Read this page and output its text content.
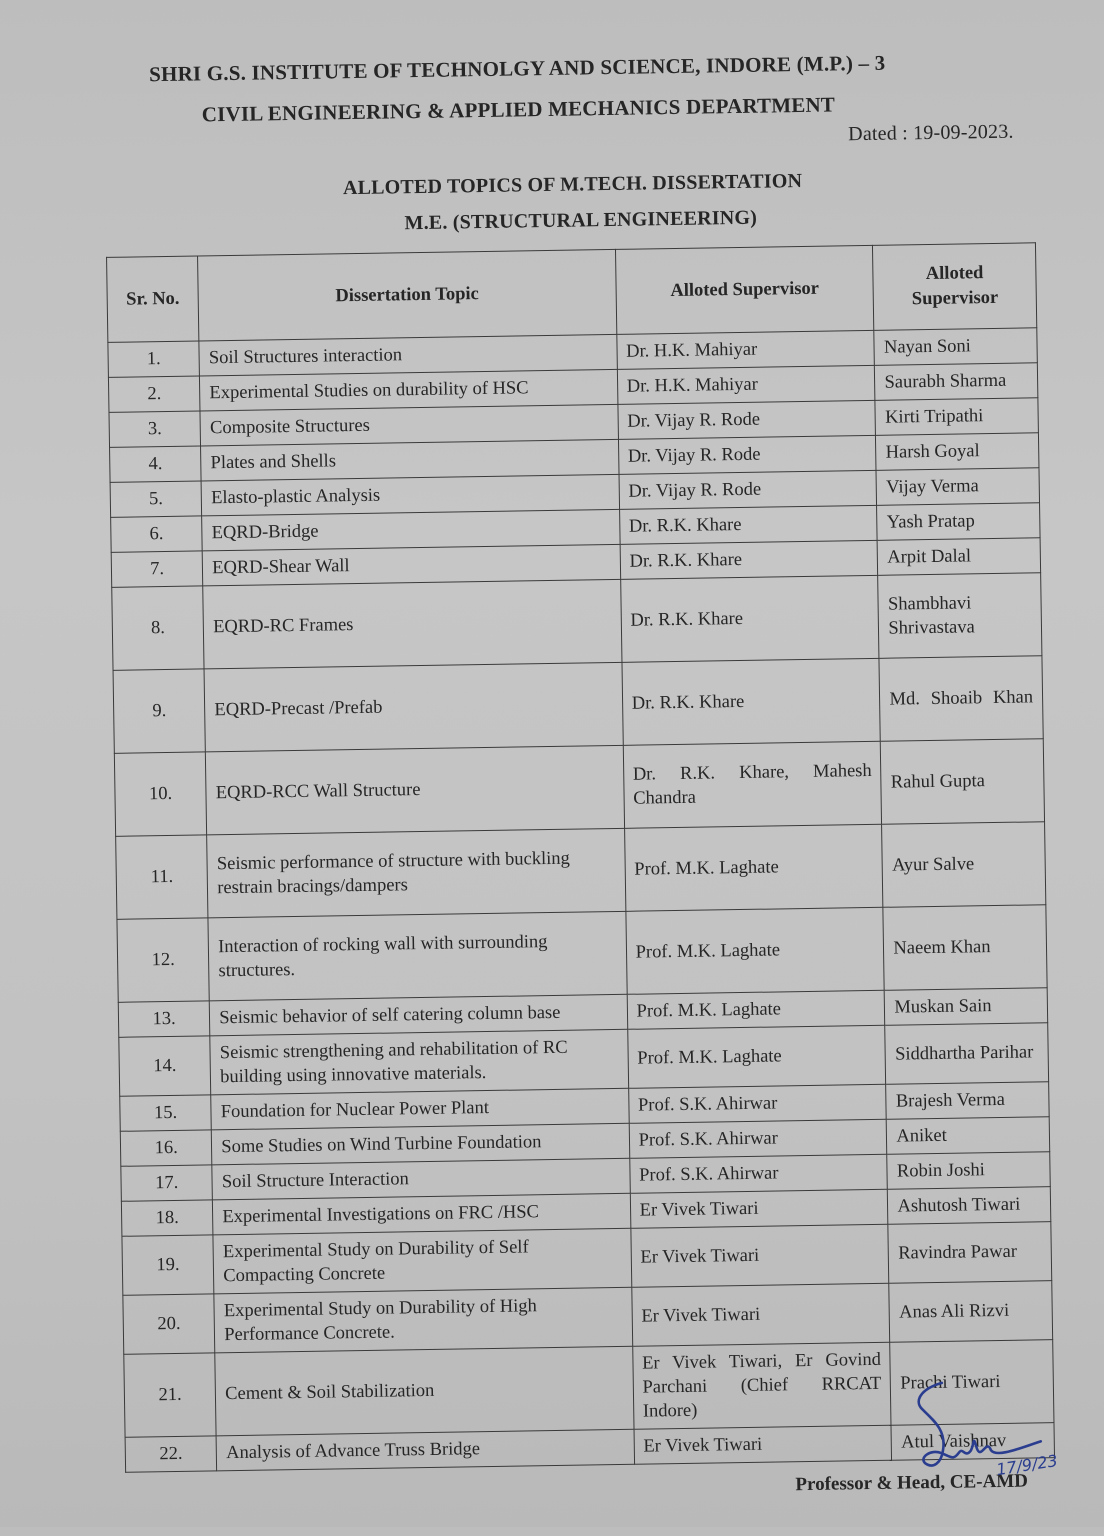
SHRI G.S. INSTITUTE OF TECHNOLGY AND SCIENCE, INDORE (M.P.) – 3
CIVIL ENGINEERING & APPLIED MECHANICS DEPARTMENT
Dated : 19-09-2023.
ALLOTED TOPICS OF M.TECH. DISSERTATION
M.E. (STRUCTURAL ENGINEERING)
Sr. No.	Dissertation Topic	Alloted Supervisor	Alloted Supervisor
1.	Soil Structures interaction	Dr. H.K. Mahiyar	Nayan Soni
2.	Experimental Studies on durability of HSC	Dr. H.K. Mahiyar	Saurabh Sharma
3.	Composite Structures	Dr. Vijay R. Rode	Kirti Tripathi
4.	Plates and Shells	Dr. Vijay R. Rode	Harsh Goyal
5.	Elasto-plastic Analysis	Dr. Vijay R. Rode	Vijay Verma
6.	EQRD-Bridge	Dr. R.K. Khare	Yash Pratap
7.	EQRD-Shear Wall	Dr. R.K. Khare	Arpit Dalal
8.	EQRD-RC Frames	Dr. R.K. Khare	Shambhavi Shrivastava
9.	EQRD-Precast /Prefab	Dr. R.K. Khare	Md. Shoaib Khan
10.	EQRD-RCC Wall Structure	Dr. R.K. Khare, Mahesh Chandra	Rahul Gupta
11.	Seismic performance of structure with buckling restrain bracings/dampers	Prof. M.K. Laghate	Ayur Salve
12.	Interaction of rocking wall with surrounding structures.	Prof. M.K. Laghate	Naeem Khan
13.	Seismic behavior of self catering column base	Prof. M.K. Laghate	Muskan Sain
14.	Seismic strengthening and rehabilitation of RC building using innovative materials.	Prof. M.K. Laghate	Siddhartha Parihar
15.	Foundation for Nuclear Power Plant	Prof. S.K. Ahirwar	Brajesh Verma
16.	Some Studies on Wind Turbine Foundation	Prof. S.K. Ahirwar	Aniket
17.	Soil Structure Interaction	Prof. S.K. Ahirwar	Robin Joshi
18.	Experimental Investigations on FRC /HSC	Er Vivek Tiwari	Ashutosh Tiwari
19.	Experimental Study on Durability of Self Compacting Concrete	Er Vivek Tiwari	Ravindra Pawar
20.	Experimental Study on Durability of High Performance Concrete.	Er Vivek Tiwari	Anas Ali Rizvi
21.	Cement & Soil Stabilization	Er Vivek Tiwari, Er Govind Parchani (Chief RRCAT Indore)	Prachi Tiwari
22.	Analysis of Advance Truss Bridge	Er Vivek Tiwari	Atul Vaishnav
Professor & Head, CE-AMD
17/9/23
